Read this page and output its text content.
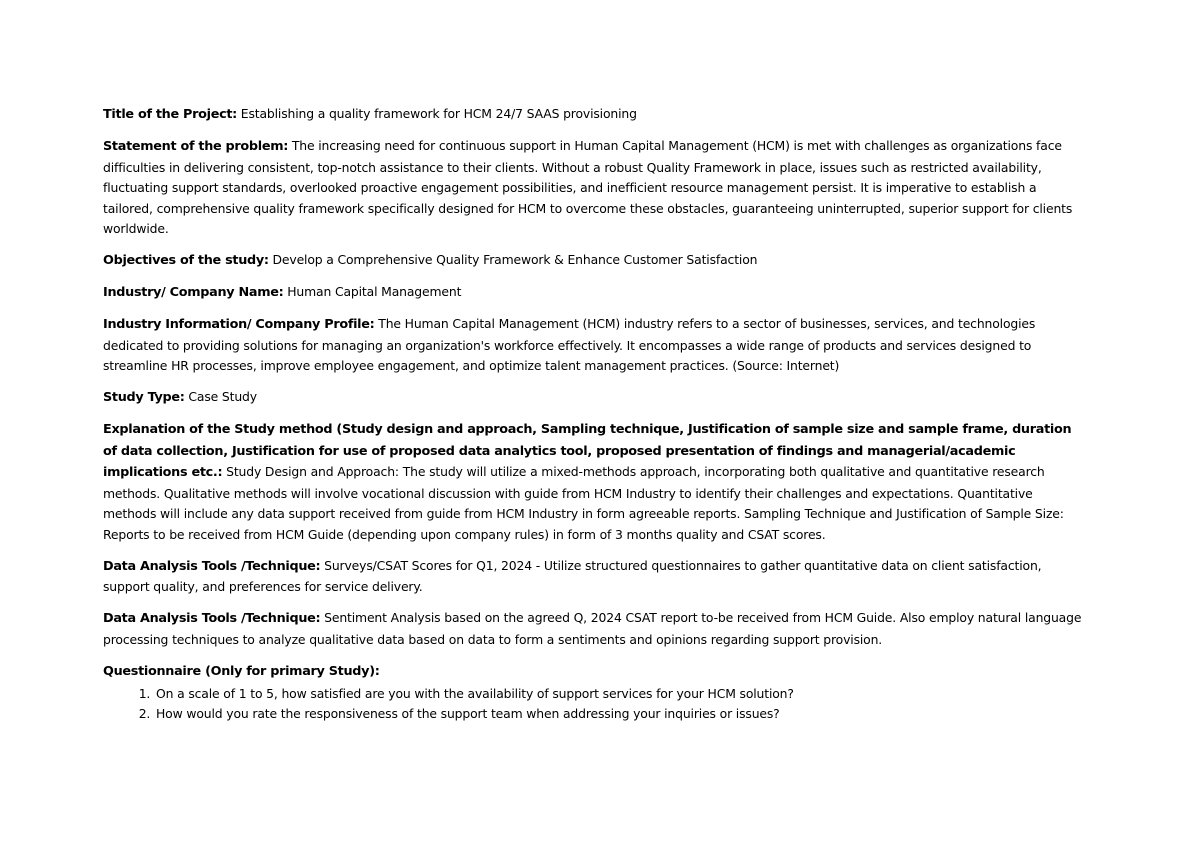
Title of the Project: Establishing a quality framework for HCM 24/7 SAAS provisioning

Statement of the problem: The increasing need for continuous support in Human Capital Management (HCM) is met with challenges as organizations face difficulties in delivering consistent, top-notch assistance to their clients. Without a robust Quality Framework in place, issues such as restricted availability, fluctuating support standards, overlooked proactive engagement possibilities, and inefficient resource management persist. It is imperative to establish a tailored, comprehensive quality framework specifically designed for HCM to overcome these obstacles, guaranteeing uninterrupted, superior support for clients worldwide.

Objectives of the study: Develop a Comprehensive Quality Framework & Enhance Customer Satisfaction

Industry/ Company Name: Human Capital Management

Industry Information/ Company Profile: The Human Capital Management (HCM) industry refers to a sector of businesses, services, and technologies dedicated to providing solutions for managing an organization's workforce effectively. It encompasses a wide range of products and services designed to streamline HR processes, improve employee engagement, and optimize talent management practices. (Source: Internet)

Study Type: Case Study

Explanation of the Study method (Study design and approach, Sampling technique, Justification of sample size and sample frame, duration of data collection, Justification for use of proposed data analytics tool, proposed presentation of findings and managerial/academic implications etc.: Study Design and Approach: The study will utilize a mixed-methods approach, incorporating both qualitative and quantitative research methods. Qualitative methods will involve vocational discussion with guide from HCM Industry to identify their challenges and expectations. Quantitative methods will include any data support received from guide from HCM Industry in form agreeable reports. Sampling Technique and Justification of Sample Size: Reports to be received from HCM Guide (depending upon company rules) in form of 3 months quality and CSAT scores.

Data Analysis Tools /Technique: Surveys/CSAT Scores for Q1, 2024 - Utilize structured questionnaires to gather quantitative data on client satisfaction, support quality, and preferences for service delivery.

Data Analysis Tools /Technique: Sentiment Analysis based on the agreed Q, 2024 CSAT report to-be received from HCM Guide. Also employ natural language processing techniques to analyze qualitative data based on data to form a sentiments and opinions regarding support provision.

Questionnaire (Only for primary Study):

1. On a scale of 1 to 5, how satisfied are you with the availability of support services for your HCM solution?
2. How would you rate the responsiveness of the support team when addressing your inquiries or issues?
